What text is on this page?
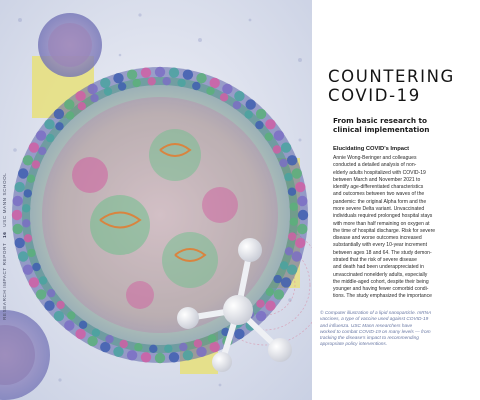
RESEARCH IMPACT REPORT 16 USC MANN SCHOOL
COUNTERING
COVID-19
From basic research to
clinical implementation
Elucidating COVID's Impact
Annie Wong-Beringer and colleagues
conducted a detailed analysis of non-
elderly adults hospitalized with COVID-19
between March and November 2021 to
identify age-differentiated characteristics
and outcomes between two waves of the
pandemic: the original Alpha form and the
more severe Delta variant. Unvaccinated
individuals required prolonged hospital stays
with more than half remaining on oxygen at
the time of hospital discharge. Risk for severe
disease and worse outcomes increased
substantially with every 10-year increment
between ages 18 and 64. The study demon-
strated that the risk of severe disease
and death had been underappreciated in
unvaccinated nonelderly adults, especially
the middle-aged cohort, despite their being
younger and having fewer comorbid condi-
tions. The study emphasized the importance
© Computer illustration of a lipid nanoparticle. mRNA
vaccines, a type of vaccine used against COVID-19
and influenza. USC Mann researchers have
worked to combat COVID-19 on many levels — from
tracking the disease's impact to recommending
appropriate policy interventions.
